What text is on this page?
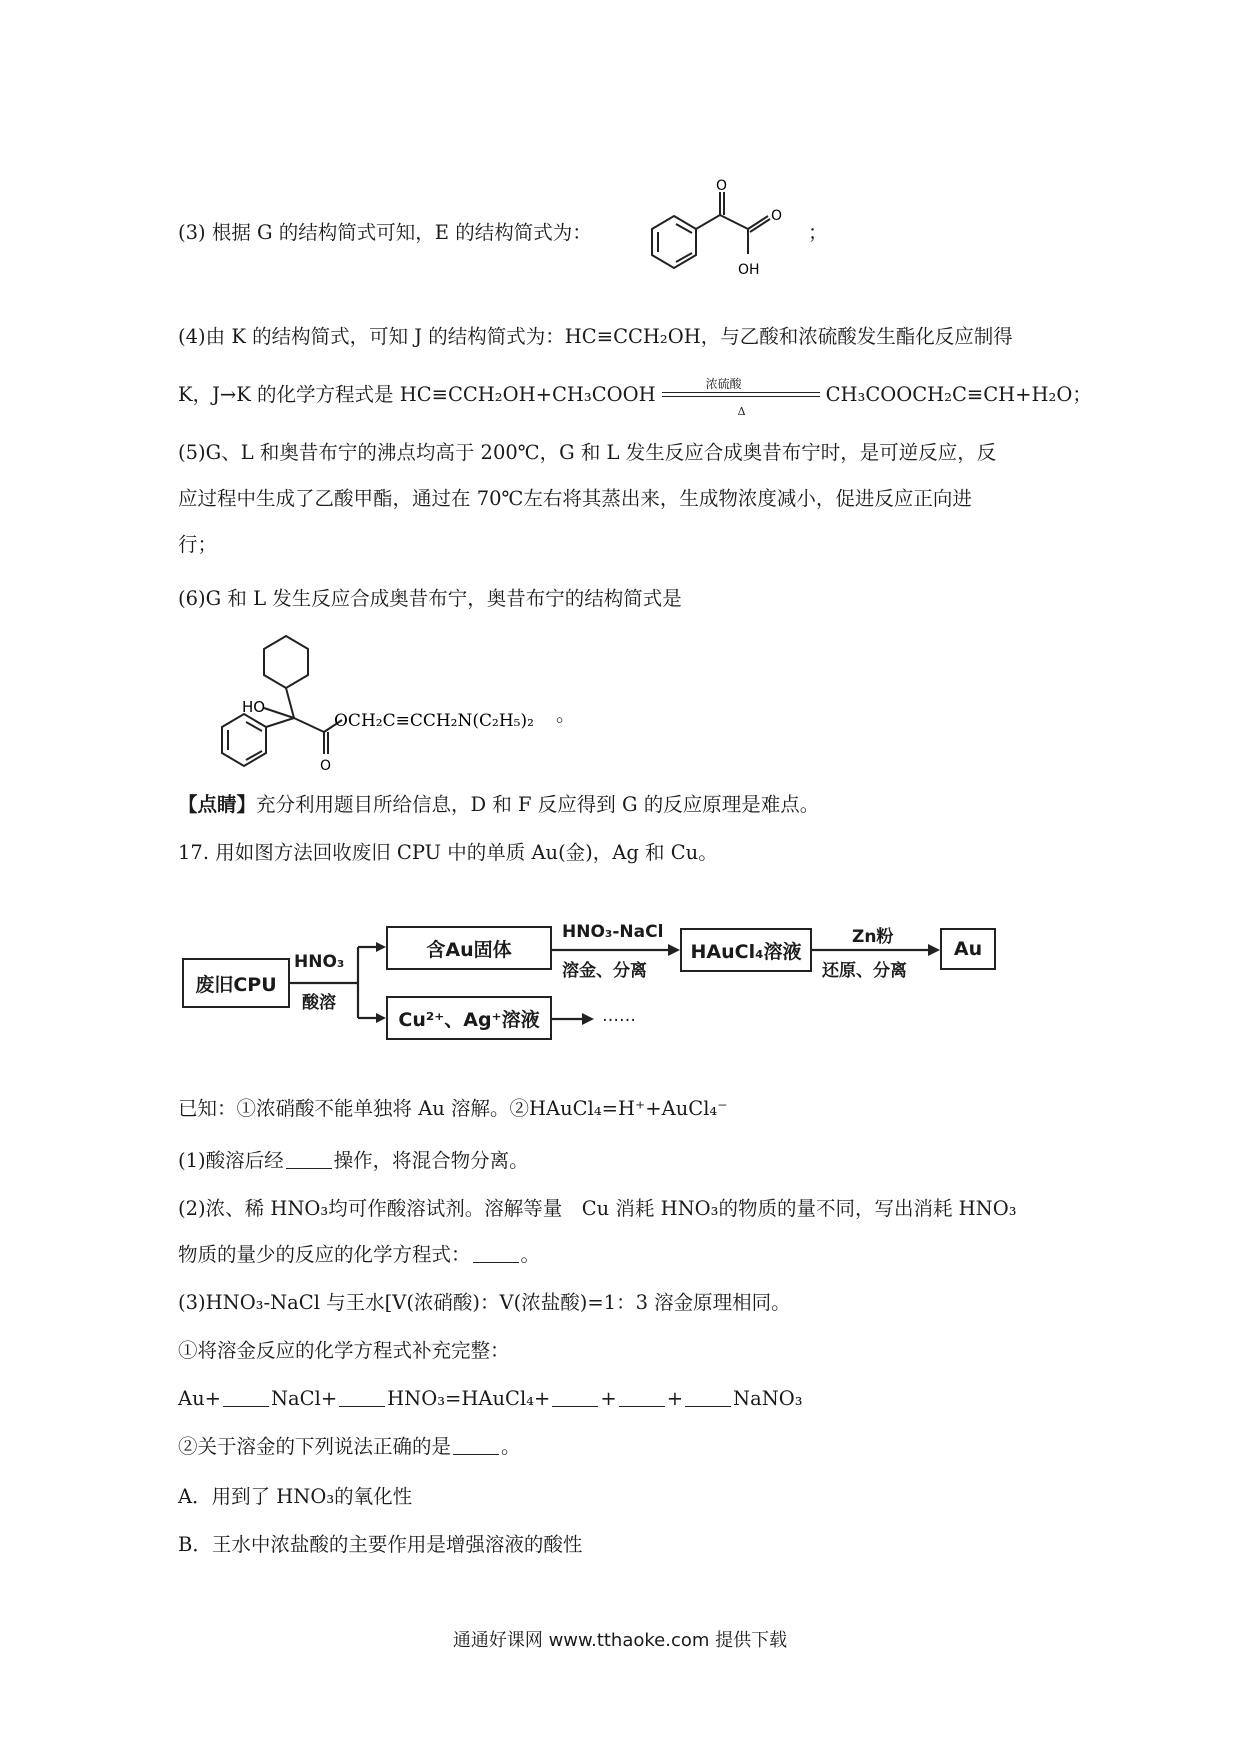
(3) 根据 G 的结构简式可知，E 的结构简式为：
O
O
OH
；
(4)由 K 的结构简式，可知 J 的结构简式为：HC≡CCH₂OH，与乙酸和浓硫酸发生酯化反应制得
K，J→K 的化学方程式是 HC≡CCH₂OH+CH₃COOH	浓硫酸
Δ
CH₃COOCH₂C≡CH+H₂O；
(5)G、L 和奥昔布宁的沸点均高于 200℃，G 和 L 发生反应合成奥昔布宁时，是可逆反应，反
应过程中生成了乙酸甲酯，通过在 70℃左右将其蒸出来，生成物浓度减小，促进反应正向进
行；
(6)G 和 L 发生反应合成奥昔布宁，奥昔布宁的结构简式是
HO
O
OCH₂C≡CCH₂N(C₂H₅)₂ 。
【点睛】充分利用题目所给信息，D 和 F 反应得到 G 的反应原理是难点。
17. 用如图方法回收废旧 CPU 中的单质 Au(金)，Ag 和 Cu。
废旧CPU
HNO₃
酸溶
含Au固体
HNO₃-NaCl
溶金、分离
HAuCl₄溶液
Zn粉
还原、分离
Au
Cu²⁺、Ag⁺溶液	……
已知：①浓硝酸不能单独将 Au 溶解。②HAuCl₄=H⁺+AuCl₄⁻
(1)酸溶后经	操作，将混合物分离。
(2)浓、稀 HNO₃均可作酸溶试剂。溶解等量　Cu 消耗 HNO₃的物质的量不同，写出消耗 HNO₃
物质的量少的反应的化学方程式：	。
(3)HNO₃-NaCl 与王水[V(浓硝酸)：V(浓盐酸)=1：3 溶金原理相同。
①将溶金反应的化学方程式补充完整：
Au+	NaCl+	HNO₃=HAuCl₄+	+	+	NaNO₃
②关于溶金的下列说法正确的是	。
A．用到了 HNO₃的氧化性
B．王水中浓盐酸的主要作用是增强溶液的酸性
通通好课网 www.tthaoke.com 提供下载
